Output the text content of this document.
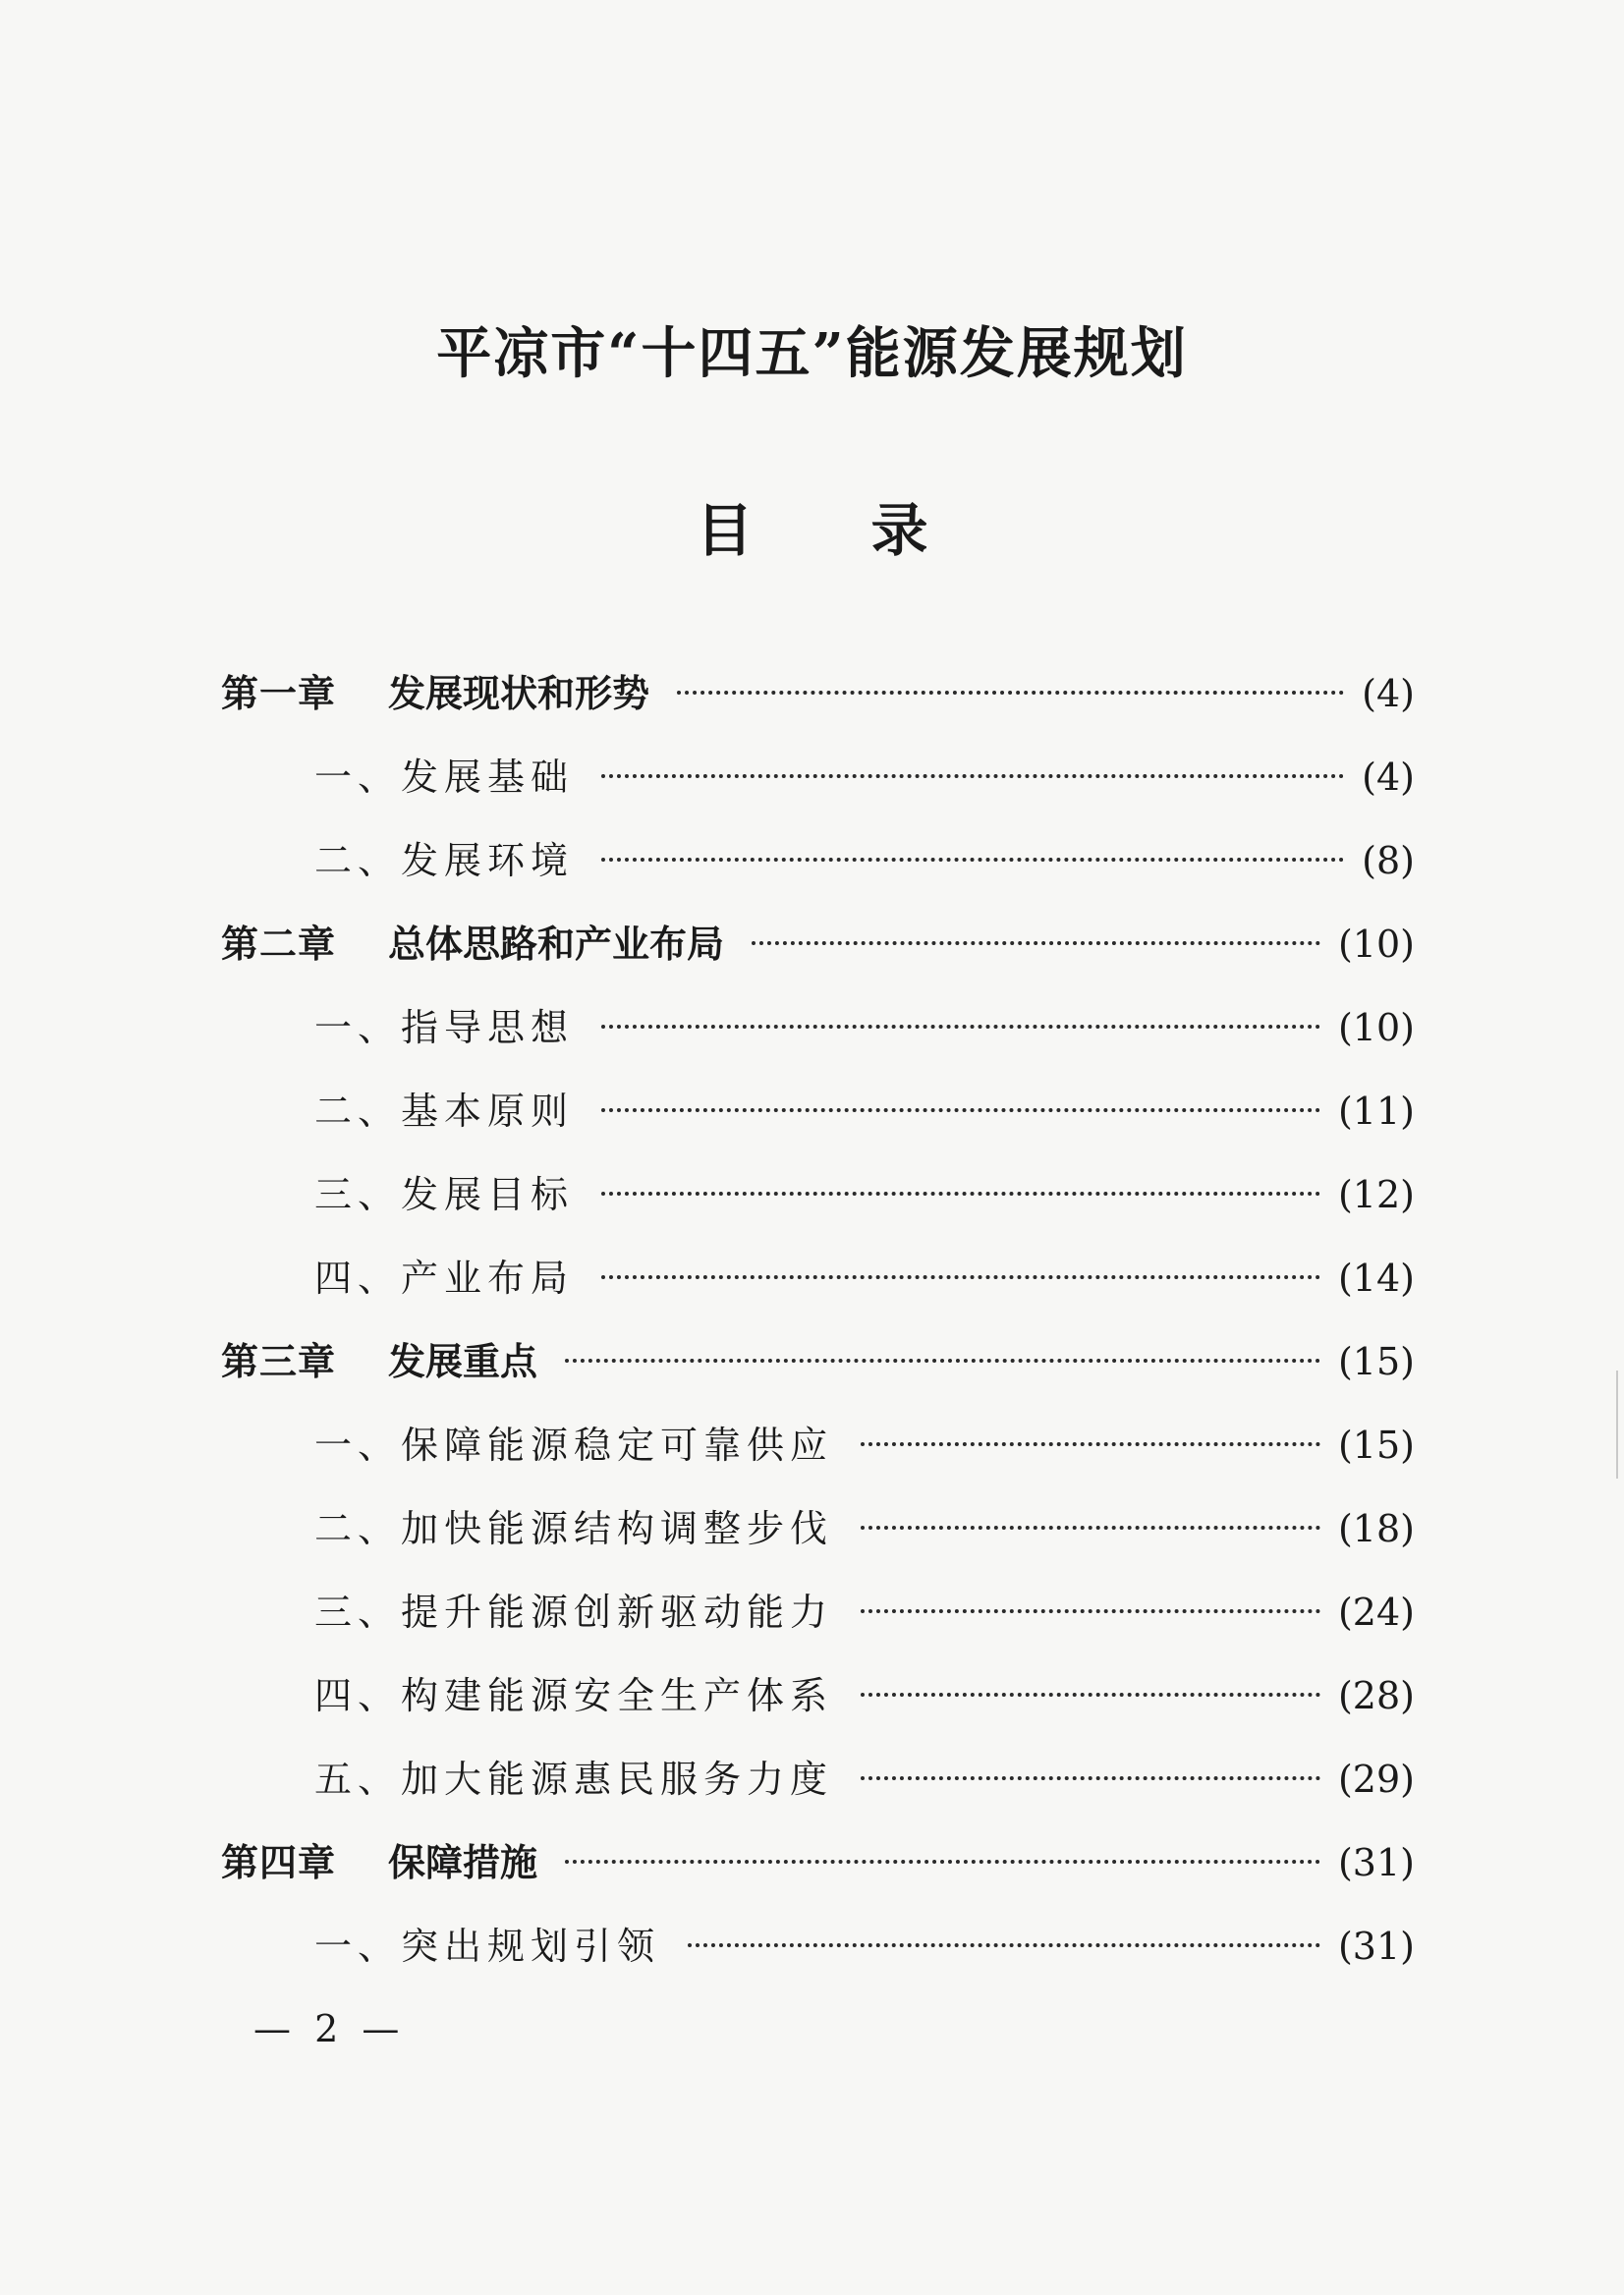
平凉市“十四五”能源发展规划
目 录
第一章	发展现状和形势	(4)
一、发展基础	(4)
二、发展环境	(8)
第二章	总体思路和产业布局	(10)
一、指导思想	(10)
二、基本原则	(11)
三、发展目标	(12)
四、产业布局	(14)
第三章	发展重点	(15)
一、保障能源稳定可靠供应	(15)
二、加快能源结构调整步伐	(18)
三、提升能源创新驱动能力	(24)
四、构建能源安全生产体系	(28)
五、加大能源惠民服务力度	(29)
第四章	保障措施	(31)
一、突出规划引领	(31)
— 2 —
